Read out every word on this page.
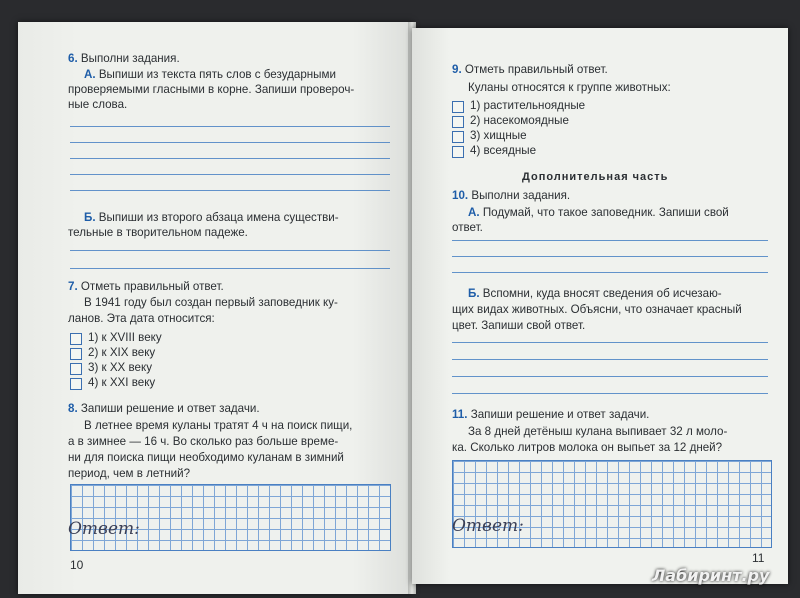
6. Выполни задания.
А. Выпиши из текста пять слов с безударными
проверяемыми гласными в корне. Запиши провероч-
ные слова.
Б. Выпиши из второго абзаца имена существи-
тельные в творительном падеже.
7. Отметь правильный ответ.
В 1941 году был создан первый заповедник ку-
ланов. Эта дата относится:
1) к XVIII веку
2) к XIX веку
3) к XX веку
4) к XXI веку
8. Запиши решение и ответ задачи.
В летнее время куланы тратят 4 ч на поиск пищи,
а в зимнее — 16 ч. Во сколько раз больше време-
ни для поиска пищи необходимо куланам в зимний
период, чем в летний?
Ответ:
10
9. Отметь правильный ответ.
Куланы относятся к группе животных:
1) растительноядные
2) насекомоядные
3) хищные
4) всеядные
Дополнительная часть
10. Выполни задания.
А. Подумай, что такое заповедник. Запиши свой
ответ.
Б. Вспомни, куда вносят сведения об исчезаю-
щих видах животных. Объясни, что означает красный
цвет. Запиши свой ответ.
11. Запиши решение и ответ задачи.
За 8 дней детёныш кулана выпивает 32 л моло-
ка. Сколько литров молока он выпьет за 12 дней?
Ответ:
11
Лабиринт.ру
